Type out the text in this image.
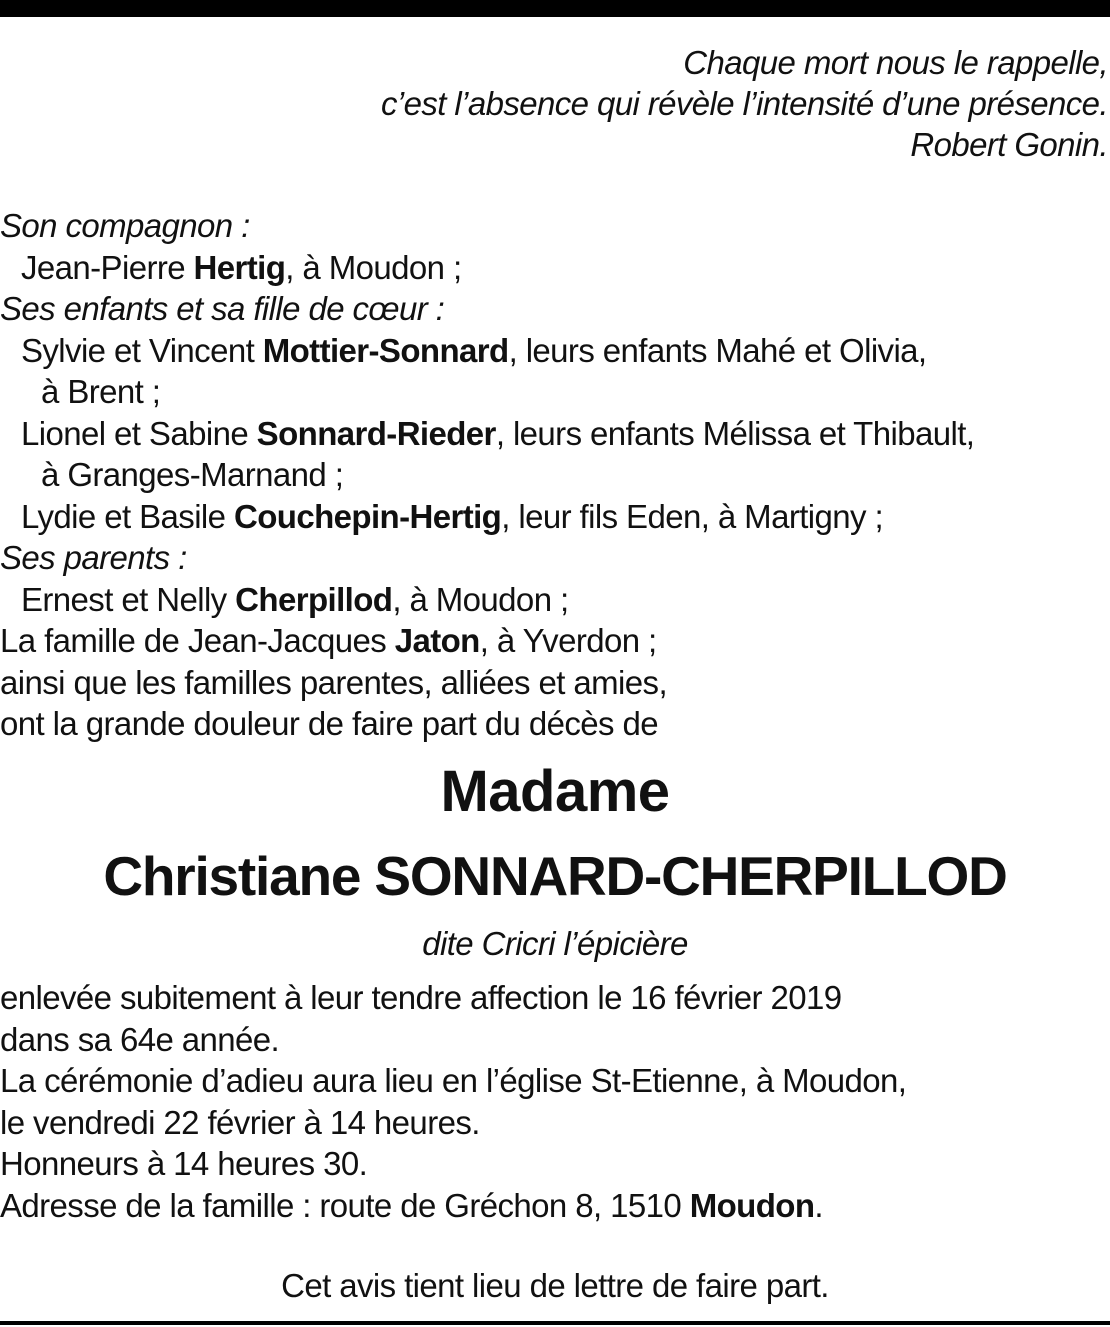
Chaque mort nous le rappelle,
c’est l’absence qui révèle l’intensité d’une présence.
Robert Gonin.
Son compagnon :
Jean-Pierre Hertig, à Moudon ;
Ses enfants et sa fille de cœur :
Sylvie et Vincent Mottier-Sonnard, leurs enfants Mahé et Olivia,
à Brent ;
Lionel et Sabine Sonnard-Rieder, leurs enfants Mélissa et Thibault,
à Granges-Marnand ;
Lydie et Basile Couchepin-Hertig, leur fils Eden, à Martigny ;
Ses parents :
Ernest et Nelly Cherpillod, à Moudon ;
La famille de Jean-Jacques Jaton, à Yverdon ;
ainsi que les familles parentes, alliées et amies,
ont la grande douleur de faire part du décès de
Madame
Christiane SONNARD-CHERPILLOD
dite Cricri l’épicière
enlevée subitement à leur tendre affection le 16 février 2019
dans sa 64e année.
La cérémonie d’adieu aura lieu en l’église St-Etienne, à Moudon,
le vendredi 22 février à 14 heures.
Honneurs à 14 heures 30.
Adresse de la famille : route de Gréchon 8, 1510 Moudon.
Cet avis tient lieu de lettre de faire part.
